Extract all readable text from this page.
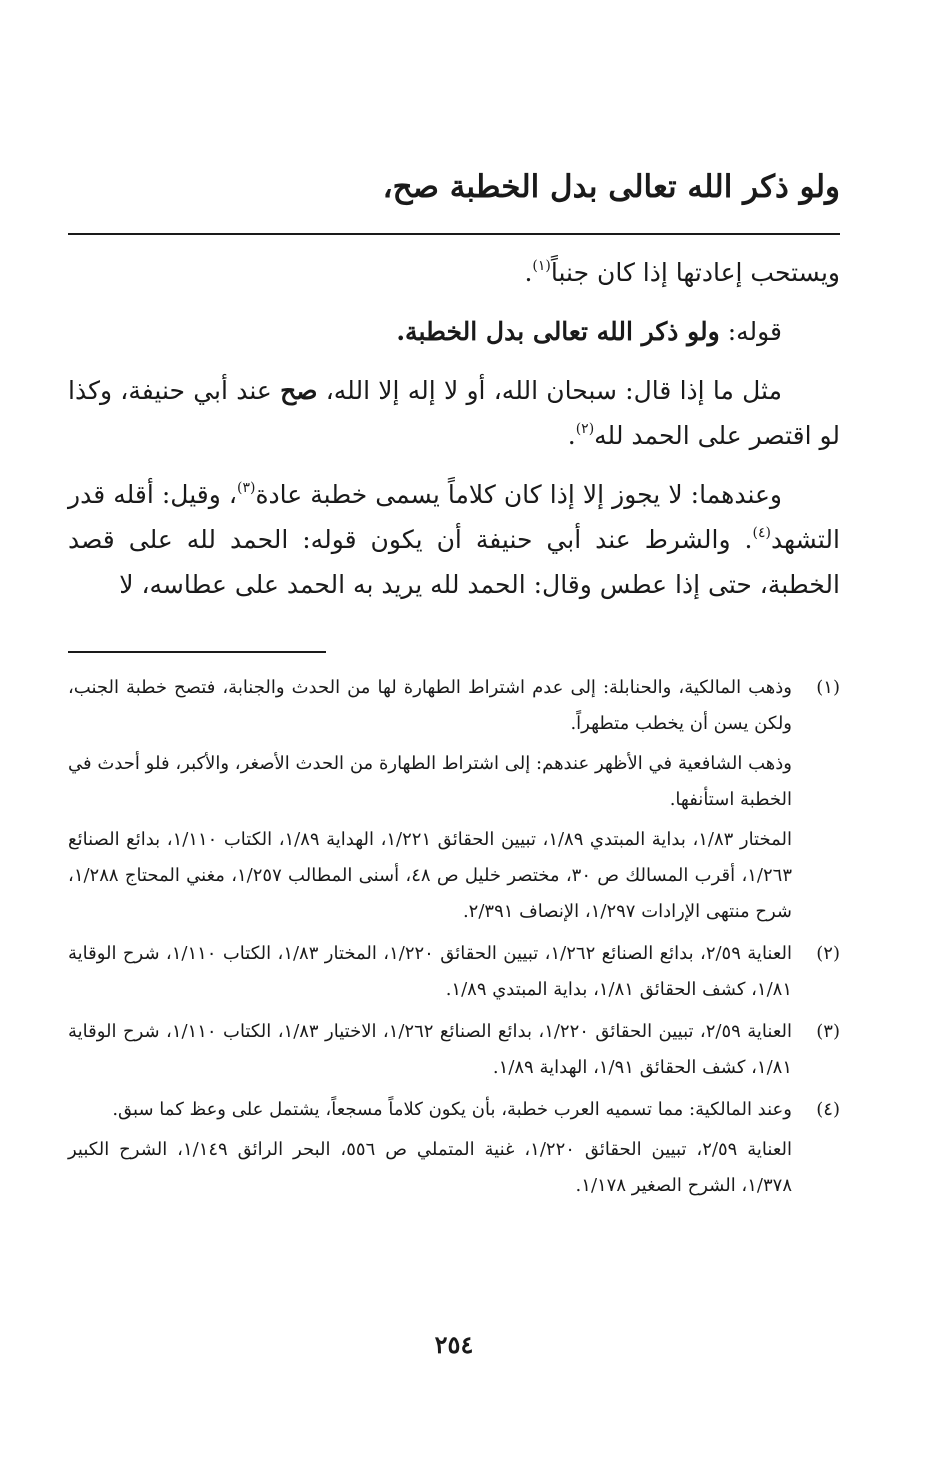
ولو ذكر الله تعالى بدل الخطبة صح،

ويستحب إعادتها إذا كان جنباً$^{(١)}$.

قوله: ولو ذكر الله تعالى بدل الخطبة.

مثل ما إذا قال: سبحان الله، أو لا إله إلا الله، صح عند أبي حنيفة، وكذا لو اقتصر على الحمد لله$^{(٢)}$.

وعندهما: لا يجوز إلا إذا كان كلاماً يسمى خطبة عادة$^{(٣)}$، وقيل: أقله قدر التشهد$^{(٤)}$. والشرط عند أبي حنيفة أن يكون قوله: الحمد لله على قصد الخطبة، حتى إذا عطس وقال: الحمد لله يريد به الحمد على عطاسه، لا

(١)

وذهب المالكية، والحنابلة: إلى عدم اشتراط الطهارة لها من الحدث والجنابة، فتصح خطبة الجنب، ولكن يسن أن يخطب متطهراً.

وذهب الشافعية في الأظهر عندهم: إلى اشتراط الطهارة من الحدث الأصغر، والأكبر، فلو أحدث في الخطبة استأنفها.

المختار ١/٨٣، بداية المبتدي ١/٨٩، تبيين الحقائق ١/٢٢١، الهداية ١/٨٩، الكتاب ١/١١٠، بدائع الصنائع ١/٢٦٣، أقرب المسالك ص ٣٠، مختصر خليل ص ٤٨، أسنى المطالب ١/٢٥٧، مغني المحتاج ١/٢٨٨، شرح منتهى الإرادات ١/٢٩٧، الإنصاف ٢/٣٩١.

(٢)

العناية ٢/٥٩، بدائع الصنائع ١/٢٦٢، تبيين الحقائق ١/٢٢٠، المختار ١/٨٣، الكتاب ١/١١٠، شرح الوقاية ١/٨١، كشف الحقائق ١/٨١، بداية المبتدي ١/٨٩.

(٣)

العناية ٢/٥٩، تبيين الحقائق ١/٢٢٠، بدائع الصنائع ١/٢٦٢، الاختيار ١/٨٣، الكتاب ١/١١٠، شرح الوقاية ١/٨١، كشف الحقائق ١/٩١، الهداية ١/٨٩.

(٤)

وعند المالكية: مما تسميه العرب خطبة، بأن يكون كلاماً مسجعاً، يشتمل على وعظ كما سبق.

العناية ٢/٥٩، تبيين الحقائق ١/٢٢٠، غنية المتملي ص ٥٥٦، البحر الرائق ١/١٤٩، الشرح الكبير ١/٣٧٨، الشرح الصغير ١/١٧٨.

٢٥٤
